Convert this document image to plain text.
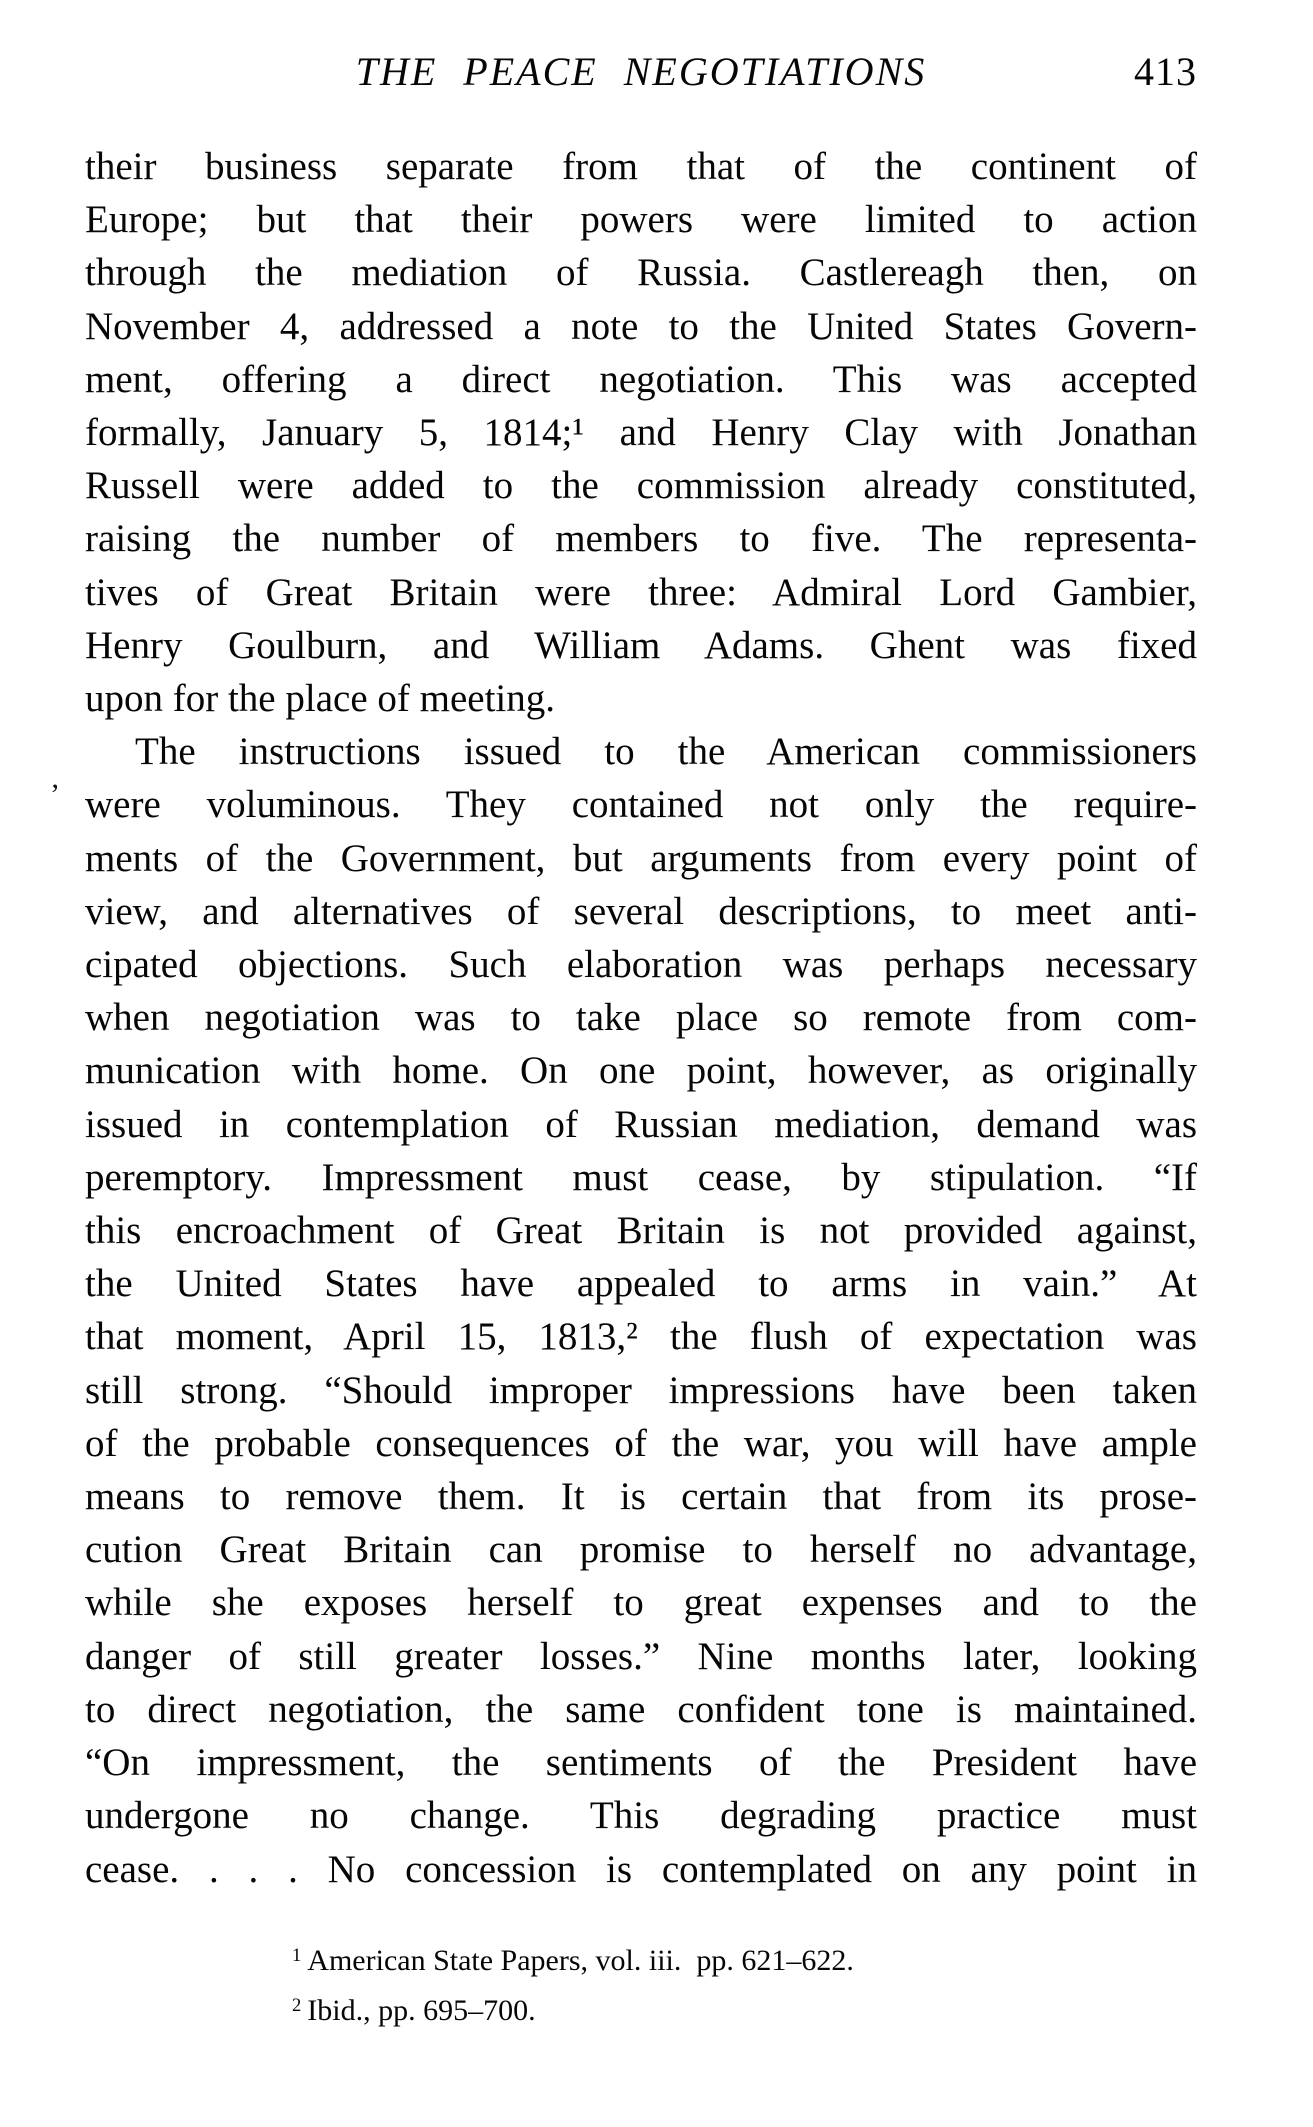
THE PEACE NEGOTIATIONS	413
their business separate from that of the continent of
Europe; but that their powers were limited to action
through the mediation of Russia. Castlereagh then, on
November 4, addressed a note to the United States Govern-
ment, offering a direct negotiation. This was accepted
formally, January 5, 1814;¹ and Henry Clay with Jonathan
Russell were added to the commission already constituted,
raising the number of members to five. The representa-
tives of Great Britain were three: Admiral Lord Gambier,
Henry Goulburn, and William Adams. Ghent was fixed
upon for the place of meeting.
The instructions issued to the American commissioners
were voluminous. They contained not only the require-
ments of the Government, but arguments from every point of
view, and alternatives of several descriptions, to meet anti-
cipated objections. Such elaboration was perhaps necessary
when negotiation was to take place so remote from com-
munication with home. On one point, however, as originally
issued in contemplation of Russian mediation, demand was
peremptory. Impressment must cease, by stipulation. “If
this encroachment of Great Britain is not provided against,
the United States have appealed to arms in vain.” At
that moment, April 15, 1813,² the flush of expectation was
still strong. “Should improper impressions have been taken
of the probable consequences of the war, you will have ample
means to remove them. It is certain that from its prose-
cution Great Britain can promise to herself no advantage,
while she exposes herself to great expenses and to the
danger of still greater losses.” Nine months later, looking
to direct negotiation, the same confident tone is maintained.
“On impressment, the sentiments of the President have
undergone no change. This degrading practice must
cease. . . . No concession is contemplated on any point in
$^1$ American State Papers, vol. iii.  pp. 621–622.
$^2$ Ibid., pp. 695–700.
’
